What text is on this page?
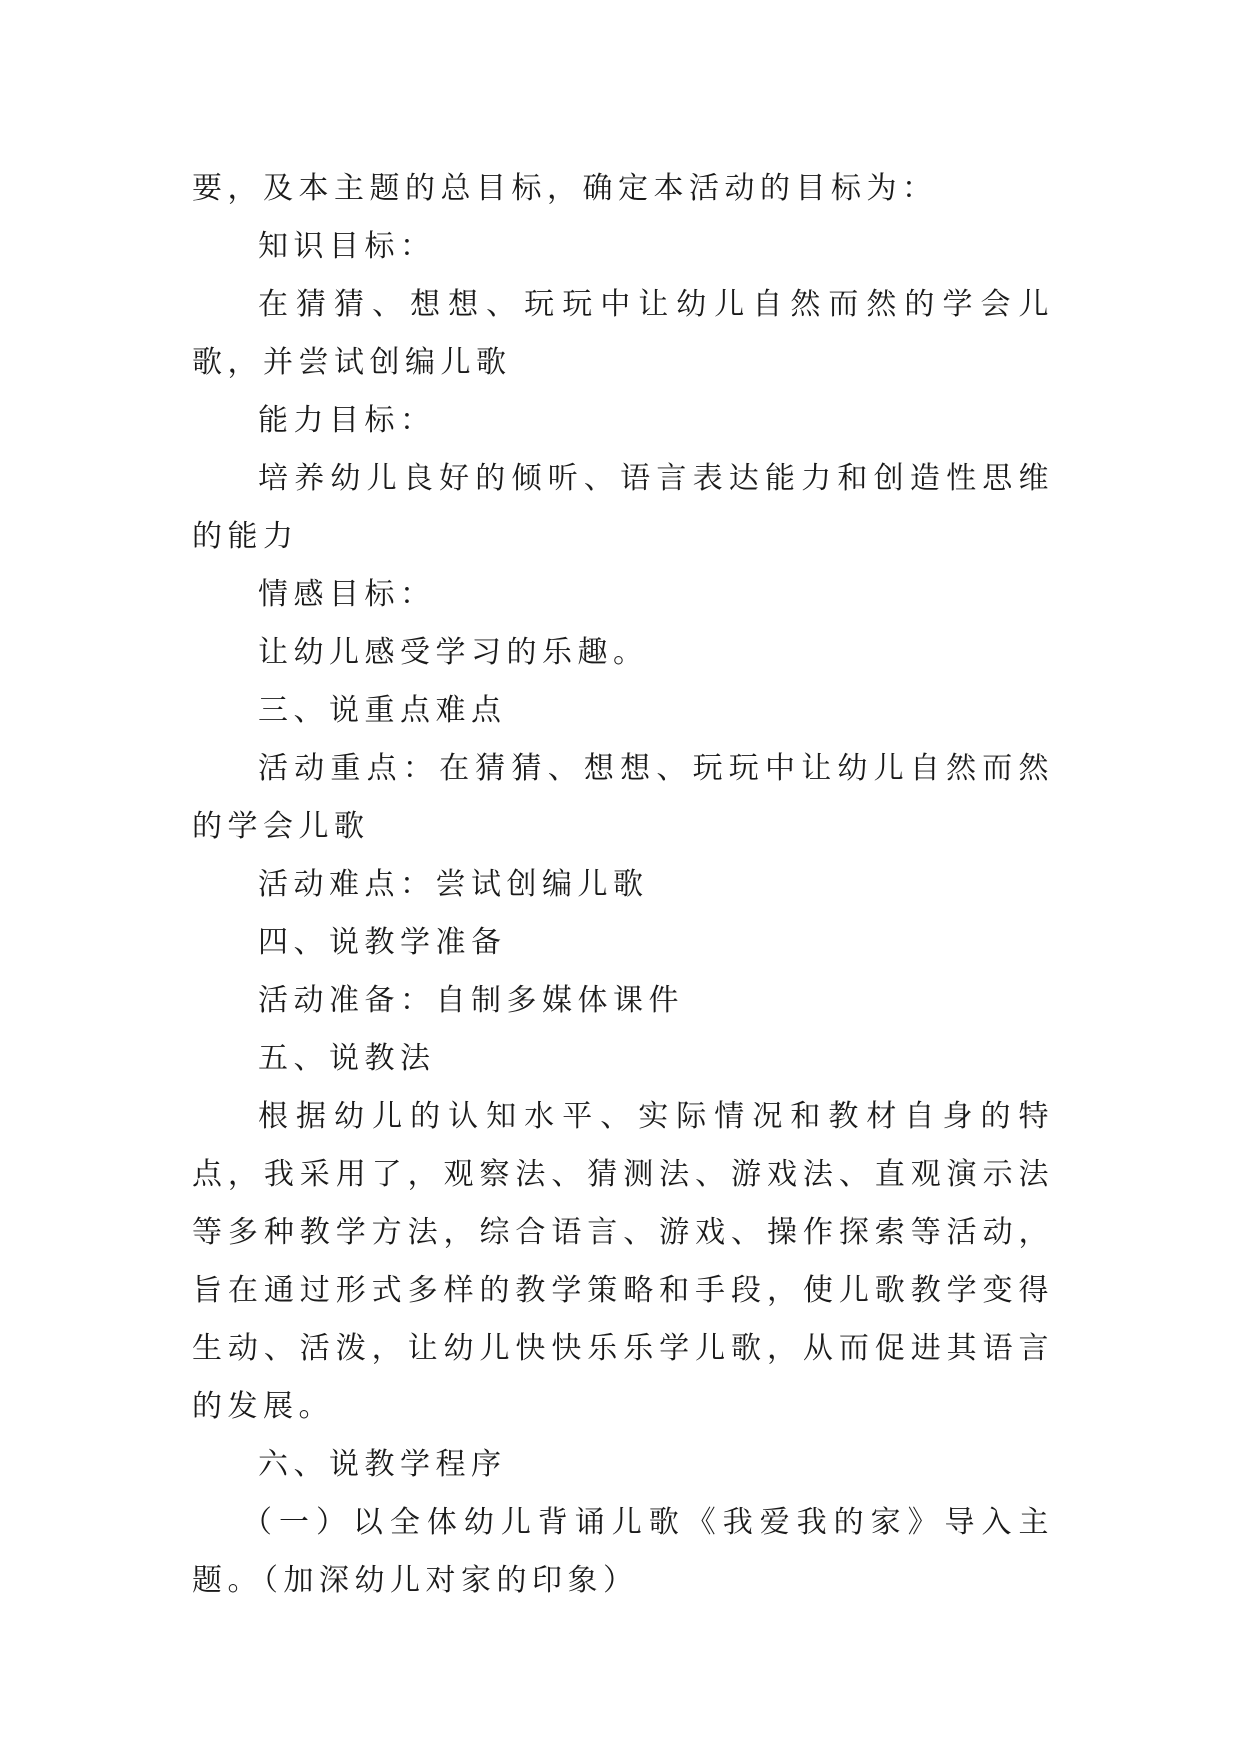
要，及本主题的总目标，确定本活动的目标为：

知识目标：

在猜猜、想想、玩玩中让幼儿自然而然的学会儿歌，并尝试创编儿歌

能力目标：

培养幼儿良好的倾听、语言表达能力和创造性思维的能力

情感目标：

让幼儿感受学习的乐趣。

三、说重点难点

活动重点：在猜猜、想想、玩玩中让幼儿自然而然的学会儿歌

活动难点：尝试创编儿歌

四、说教学准备

活动准备：自制多媒体课件

五、说教法

根据幼儿的认知水平、实际情况和教材自身的特点，我采用了，观察法、猜测法、游戏法、直观演示法等多种教学方法，综合语言、游戏、操作探索等活动，旨在通过形式多样的教学策略和手段，使儿歌教学变得生动、活泼，让幼儿快快乐乐学儿歌，从而促进其语言的发展。

六、说教学程序

（一）以全体幼儿背诵儿歌《我爱我的家》导入主题。（加深幼儿对家的印象）
